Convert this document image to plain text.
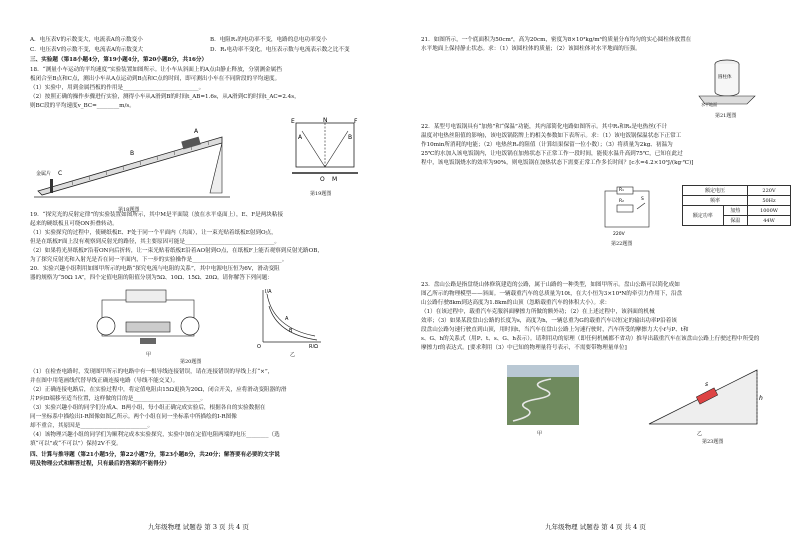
A．电压表V的示数变大，电流表A的示数变小	B．电阻R₁的电功率不变，电路的总电功率变小
C．电压表V的示数不变，电流表A的示数变大	D．R₁电功率不变化，电压表示数与电流表示数之比不变
三、实验题（第18小题4分，第19小题4分，第20小题8分，共16分）
18．“测量小车运动的平均速度”实验装置如图所示。让小车从斜面上的A点由静止释放，分别测金属挡
板闭合至B点和C点，测出小车从A点运动到B点和C点的时间，即可测出小车在不同阶段的平均速度。
（1）实验中，用到金属挡板的作用是___________________________。
（2）按照正确的操作步骤进行实验，测得小车从A滑到B的时间t_AB=1.6s，从A滑到C的时间t_AC=2.4s，
则BC段的平均速度v_BC=________m/s。
金属片
A
B
C
第18题图
E	N	F
A	B
O M
第19题图
19．“探究光的反射定律”的实验装置如图所示，其中M是平面镜（放在水平桌面上），E、F是两块粘接
起来的硬纸板且可绕ON折叠转动。
（1）实验探究的过程中，使硬纸板E、F处于同一个平面内（共面），让一束光贴着纸板E射到O点，
但是在纸板F面上没有观察到反射光的路径，其主要原因可能是________________________________。
（2）如果将光屏纸板F沿着ON向后折转，让一束光贴着纸板E沿着AO射到O点，在纸板F上能否观察到反射光路OB，
为了探究反射光和入射光是否在同一平面内，下一步的实验操作是________________________________。
20．实验兴趣小组利用如图甲所示的电路“探究电流与电阻的关系”，其中电源电压恒为6V，滑动变阻
器的规格为“50Ω 1A”，四个定值电阻的阻值分别为5Ω、10Ω、15Ω、20Ω。请你解答下列问题：
甲
I/A
R/Ω
O
A
B
乙
第20题图
（1）在检查电路时，发现图甲所示的电路中有一根导线连接错误，请在连接错误的导线上打“×”，
并在图中用笔画线代替导线正确连接电路（导线不能交叉）。
（2）正确连接电路后，在实验过程中，将定值电阻由15Ω更换为20Ω，闭合开关，应将滑动变阻器的滑
片P向D端移至适当位置，这样做的目的是________________________。
（3）实验兴趣小组的同学们分成A、B两小组，每小组正确完成实验后，根据各自的实验数据在
同一坐标系中描绘出I-R图像如图乙所示。两个小组在同一坐标系中所描绘的I-R图像
却不重合，其原因是________________________。
（4）该物理兴趣小组的同学们为顺利完成本实验探究，实验中加在定值电阻两端的电压________（选
填“可以”或“不可以”）保持2V不变。
四、计算与推导题（第21小题5分，第22小题7分，第23小题8分，共20分；解答要有必要的文字说
明及物理公式和解答过程，只有最后的答案的不能得分）
九年级物理 试题卷 第 3 页 共 4 页
21．如图所示，一个底面积为50cm²，高为20cm，密度为8×10³kg/m³的质量分布均匀的实心圆柱体放置在
水平地面上保持静止状态。求：（1）该圆柱体的质量；（2）该圆柱体对水平地面的压强。
圆柱体
水平地面
第21题图
22．某型号电饭锅具有“加热”和“保温”功能，其内部简化电路如图所示。其中R₁和R₂是电热丝(不计
温度对电热丝阻值的影响)，该电饭锅铭牌上的相关参数如下表所示。求：（1）该电饭锅保温状态下正常工
作10min所消耗的电能；（2）电热丝R₂的阻值（计算结果保留一位小数）；（3）将质量为2kg、初温为
25℃的水加入该电饭锅内，让电饭锅在加热状态下正常工作一段时间，能使水温升高到75℃，已知在此过
程中，该电饭锅烧水的效率为90%，则电饭锅在加热状态下需要正常工作多长时间？[c水=4.2×10³J/(kg·℃)]
R₁
R₂	S
220V
第22题图
额定电压		220V
频率		50Hz
额定功率	加热	1000W
	保温	44W
23．盘山公路是指盘绕山体修筑建造的公路，属于山路的一种类型，如图甲所示。盘山公路可以简化成如
图乙所示的物理模型——斜面。一辆载重汽车的总质量为10t，在大小恒为3×10⁴N的牵引力作用下，沿盘
山公路行驶8km到达高度为1.8km的山顶（忽略载重汽车的体积大小）。求：
（1）在该过程中，载重汽车克服斜面摩擦力所做的额外功；（2）在上述过程中，该斜面的机械
效率；（3）如果某段盘山公路的长度为s，高度为h，一辆总重为G的载重汽车以恒定的输出功率P沿着该
段盘山公路匀速行驶直到山顶，用时间t，当汽车在盘山公路上匀速行驶时，汽车所受的摩擦力大小f与P、t和
s、G、h的关系式（用P、t、s、G、h表示）。请利用功的原理（即任何机械都不省功）推导出载重汽车在该盘山公路上行驶过程中所受的
摩擦力f的表达式。[要求利用（3）中已知的物理量符号表示，不需要带物理量单位]
甲
s
h
乙
第23题图
九年级物理 试题卷 第 4 页 共 4 页
